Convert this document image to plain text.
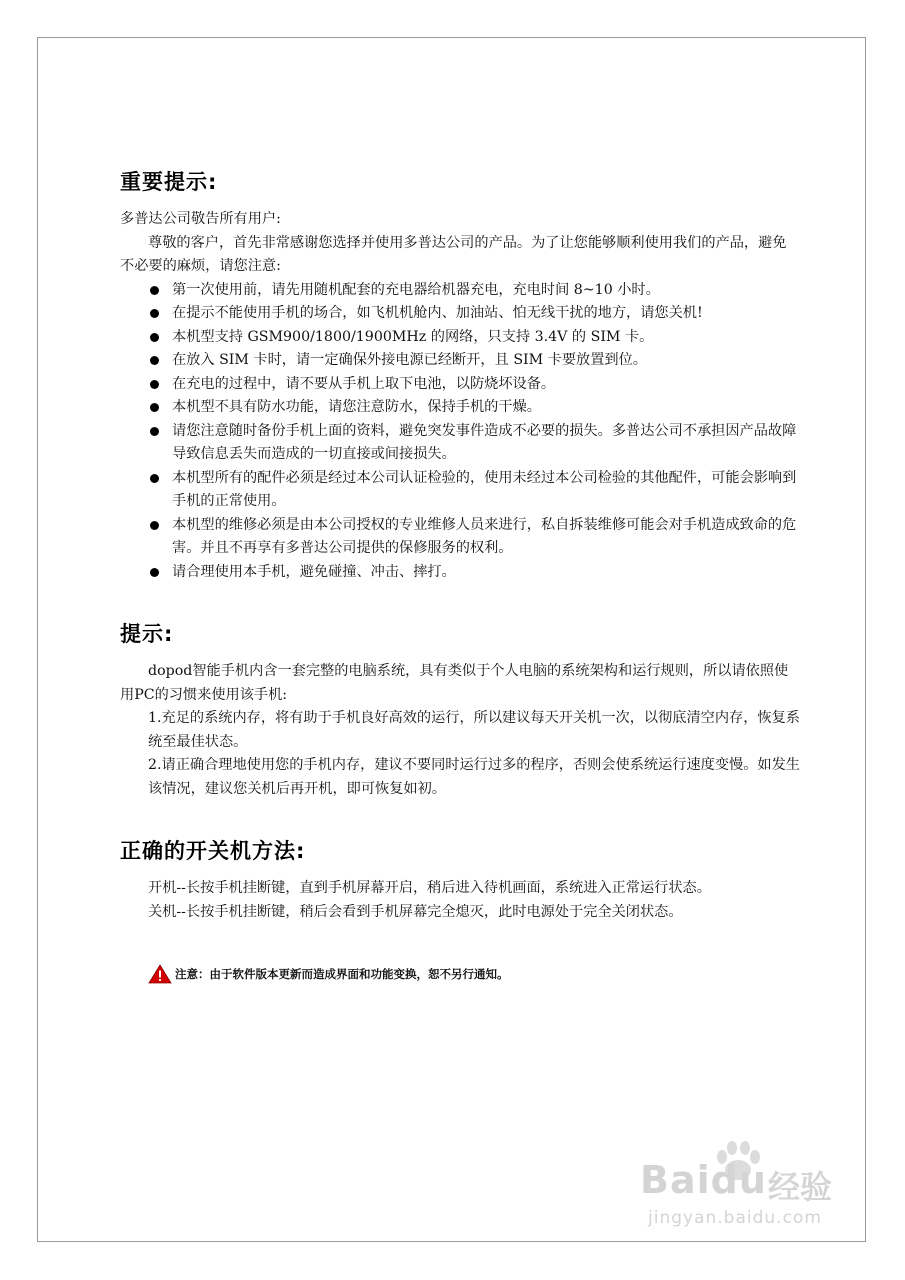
重要提示:

多普达公司敬告所有用户:

尊敬的客户，首先非常感谢您选择并使用多普达公司的产品。为了让您能够顺利使用我们的产品，避免不必要的麻烦，请您注意:

第一次使用前，请先用随机配套的充电器给机器充电，充电时间 8~10 小时。
在提示不能使用手机的场合，如飞机机舱内、加油站、怕无线干扰的地方，请您关机!
本机型支持 GSM900/1800/1900MHz 的网络，只支持 3.4V 的 SIM 卡。
在放入 SIM 卡时，请一定确保外接电源已经断开，且 SIM 卡要放置到位。
在充电的过程中，请不要从手机上取下电池，以防烧坏设备。
本机型不具有防水功能，请您注意防水，保持手机的干燥。
请您注意随时备份手机上面的资料，避免突发事件造成不必要的损失。多普达公司不承担因产品故障导致信息丢失而造成的一切直接或间接损失。
本机型所有的配件必须是经过本公司认证检验的，使用未经过本公司检验的其他配件，可能会影响到手机的正常使用。
本机型的维修必须是由本公司授权的专业维修人员来进行，私自拆装维修可能会对手机造成致命的危害。并且不再享有多普达公司提供的保修服务的权利。
请合理使用本手机，避免碰撞、冲击、摔打。
提示:

dopod智能手机内含一套完整的电脑系统，具有类似于个人电脑的系统架构和运行规则，所以请依照使用PC的习惯来使用该手机:

1.充足的系统内存，将有助于手机良好高效的运行，所以建议每天开关机一次，以彻底清空内存，恢复系统至最佳状态。

2.请正确合理地使用您的手机内存，建议不要同时运行过多的程序，否则会使系统运行速度变慢。如发生该情况，建议您关机后再开机，即可恢复如初。

正确的开关机方法:

开机--长按手机挂断键，直到手机屏幕开启，稍后进入待机画面，系统进入正常运行状态。

关机--长按手机挂断键，稍后会看到手机屏幕完全熄灭，此时电源处于完全关闭状态。

注意：由于软件版本更新而造成界面和功能变换，恕不另行通知。
Baidu 经验
jingyan.baidu.com
